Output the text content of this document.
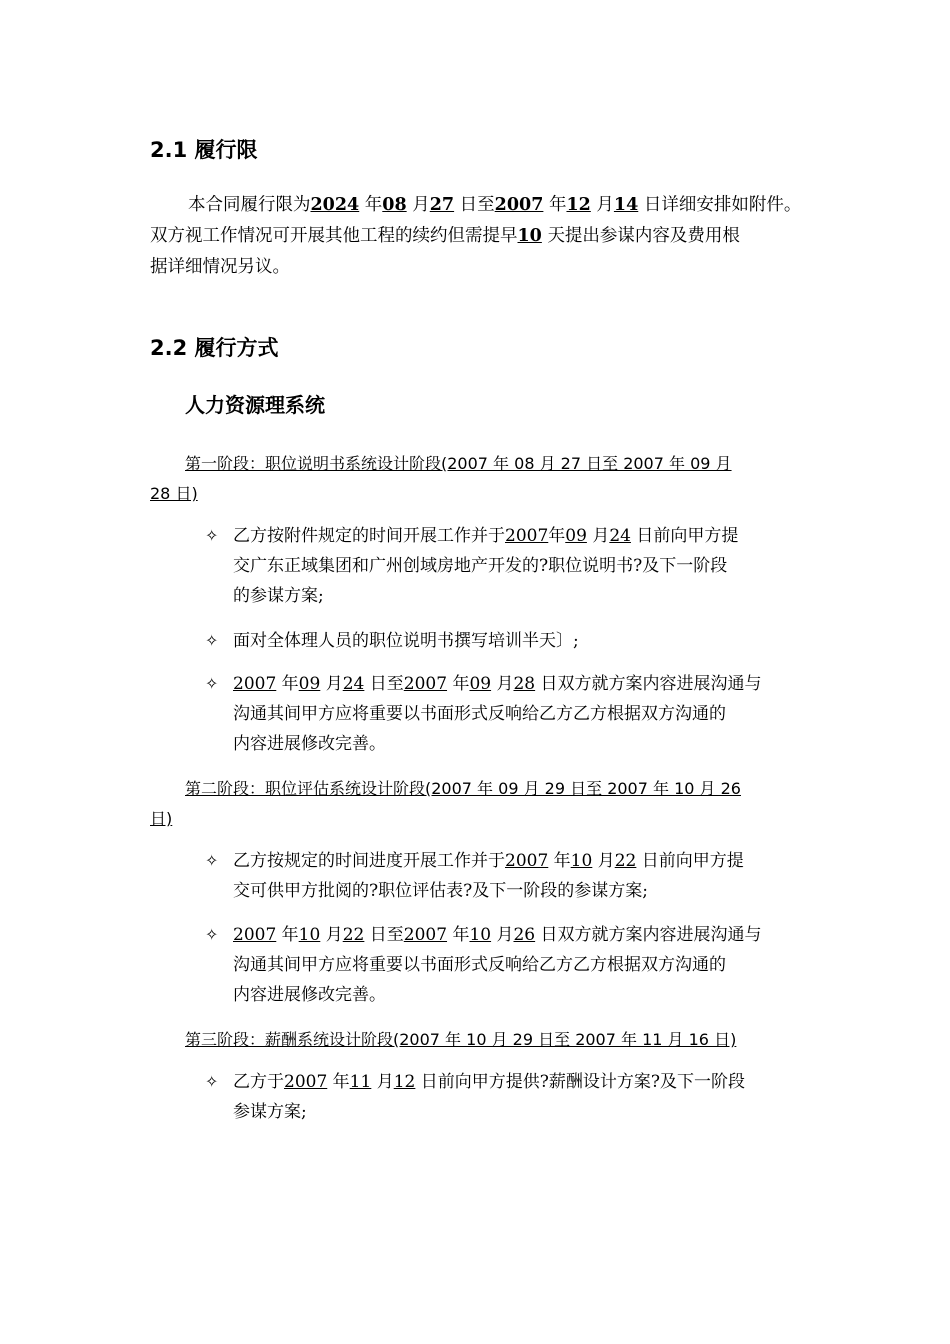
2.1 履行限
本合同履行限为2024 年08 月27 日至2007 年12 月14 日详细安排如附件。
双方视工作情况可开展其他工程的续约但需提早10 天提出参谋内容及费用根
据详细情况另议。
2.2 履行方式
人力资源理系统
第一阶段：职位说明书系统设计阶段(2007 年 08 月 27 日至 2007 年 09 月
28 日)
✧ 乙方按附件规定的时间开展工作并于2007年09 月24 日前向甲方提
交广东正域集团和广州创域房地产开发的?职位说明书?及下一阶段
的参谋方案;
✧ 面对全体理人员的职位说明书撰写培训半天〕;
✧ 2007 年09 月24 日至2007 年09 月28 日双方就方案内容进展沟通与
沟通其间甲方应将重要以书面形式反响给乙方乙方根据双方沟通的
内容进展修改完善。
第二阶段：职位评估系统设计阶段(2007 年 09 月 29 日至 2007 年 10 月 26
日)
✧ 乙方按规定的时间进度开展工作并于2007 年10 月22 日前向甲方提
交可供甲方批阅的?职位评估表?及下一阶段的参谋方案;
✧ 2007 年10 月22 日至2007 年10 月26 日双方就方案内容进展沟通与
沟通其间甲方应将重要以书面形式反响给乙方乙方根据双方沟通的
内容进展修改完善。
第三阶段：薪酬系统设计阶段(2007 年 10 月 29 日至 2007 年 11 月 16 日)
✧ 乙方于2007 年11 月12 日前向甲方提供?薪酬设计方案?及下一阶段
参谋方案;
